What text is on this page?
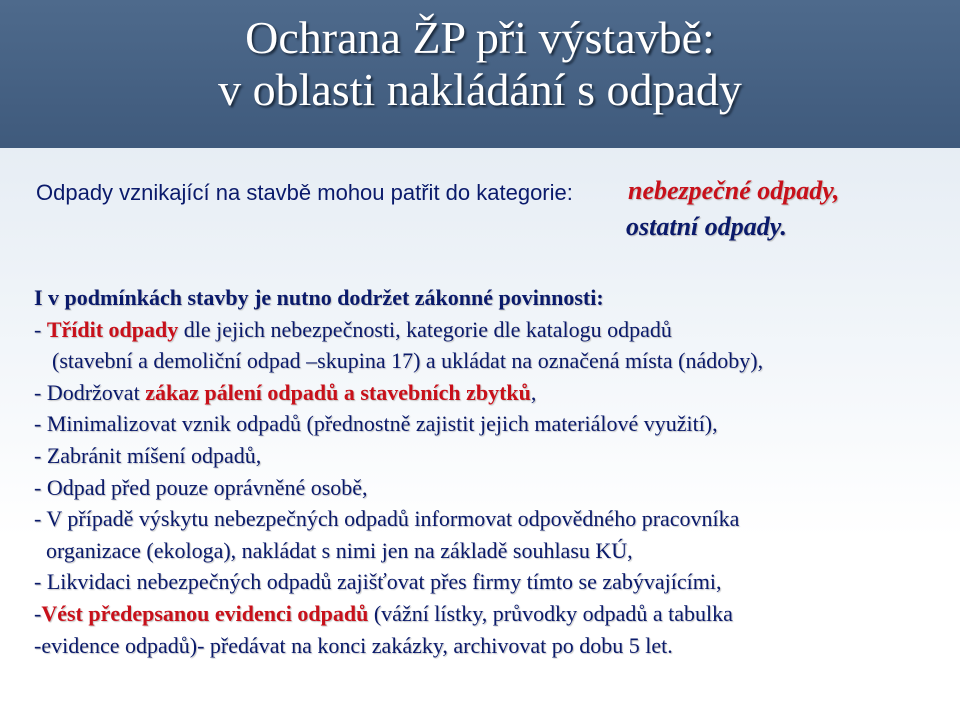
Ochrana ŽP při výstavbě:
v oblasti nakládání s odpady
Odpady vznikající na stavbě mohou patřit do kategorie: nebezpečné odpady,
ostatní odpady.
I v podmínkách stavby je nutno dodržet zákonné povinnosti:
- Třídit odpady dle jejich nebezpečnosti, kategorie dle katalogu odpadů
(stavební a demoliční odpad –skupina 17) a ukládat na označená místa (nádoby),
- Dodržovat zákaz pálení odpadů a stavebních zbytků,
- Minimalizovat vznik odpadů (přednostně zajistit jejich materiálové využití),
- Zabránit míšení odpadů,
- Odpad před pouze oprávněné osobě,
- V případě výskytu nebezpečných odpadů informovat odpovědného pracovníka
organizace (ekologa), nakládat s nimi jen na základě souhlasu KÚ,
- Likvidaci nebezpečných odpadů zajišťovat přes firmy tímto se zabývajícími,
-Vést předepsanou evidenci odpadů (vážní lístky, průvodky odpadů a tabulka
-evidence odpadů)- předávat na konci zakázky, archivovat po dobu 5 let.
